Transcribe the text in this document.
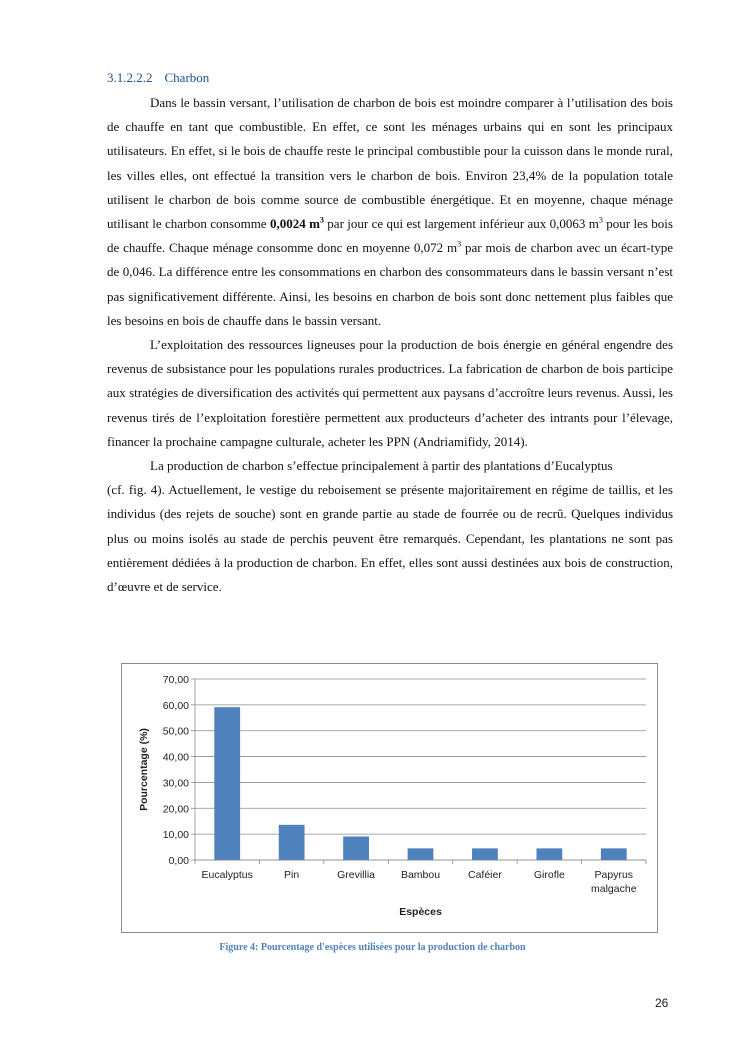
3.1.2.2.2 Charbon

Dans le bassin versant, l’utilisation de charbon de bois est moindre comparer à l’utilisation des bois de chauffe en tant que combustible. En effet, ce sont les ménages urbains qui en sont les principaux utilisateurs. En effet, si le bois de chauffe reste le principal combustible pour la cuisson dans le monde rural, les villes elles, ont effectué la transition vers le charbon de bois. Environ 23,4% de la population totale utilisent le charbon de bois comme source de combustible énergétique. Et en moyenne, chaque ménage utilisant le charbon consomme 0,0024 $m^3$ par jour ce qui est largement inférieur aux 0,0063 $m^3$ pour les bois de chauffe. Chaque ménage consomme donc en moyenne 0,072 $m^3$ par mois de charbon avec un écart-type de 0,046. La différence entre les consommations en charbon des consommateurs dans le bassin versant n’est pas significativement différente. Ainsi, les besoins en charbon de bois sont donc nettement plus faibles que les besoins en bois de chauffe dans le bassin versant.

L’exploitation des ressources ligneuses pour la production de bois énergie en général engendre des revenus de subsistance pour les populations rurales productrices. La fabrication de charbon de bois participe aux stratégies de diversification des activités qui permettent aux paysans d’accroître leurs revenus. Aussi, les revenus tirés de l’exploitation forestière permettent aux producteurs d’acheter des intrants pour l’élevage, financer la prochaine campagne culturale, acheter les PPN (Andriamifidy, 2014).

La production de charbon s’effectue principalement à partir des plantations d’Eucalyptus

(cf. fig. 4). Actuellement, le vestige du reboisement se présente majoritairement en régime de taillis, et les individus (des rejets de souche) sont en grande partie au stade de fourrée ou de recrû. Quelques individus plus ou moins isolés au stade de perchis peuvent être remarqués. Cependant, les plantations ne sont pas entièrement dédiées à la production de charbon. En effet, elles sont aussi destinées aux bois de construction, d’œuvre et de service.

0,00
10,00
20,00
30,00
40,00
50,00
60,00
70,00
Eucalyptus	Pin	Grevillia Bambou	Caféier	Girofle	Papyrus
malgache
Espèces
Pourcentage (%)
Figure 4: Pourcentage d'espèces utilisées pour la production de charbon
26
